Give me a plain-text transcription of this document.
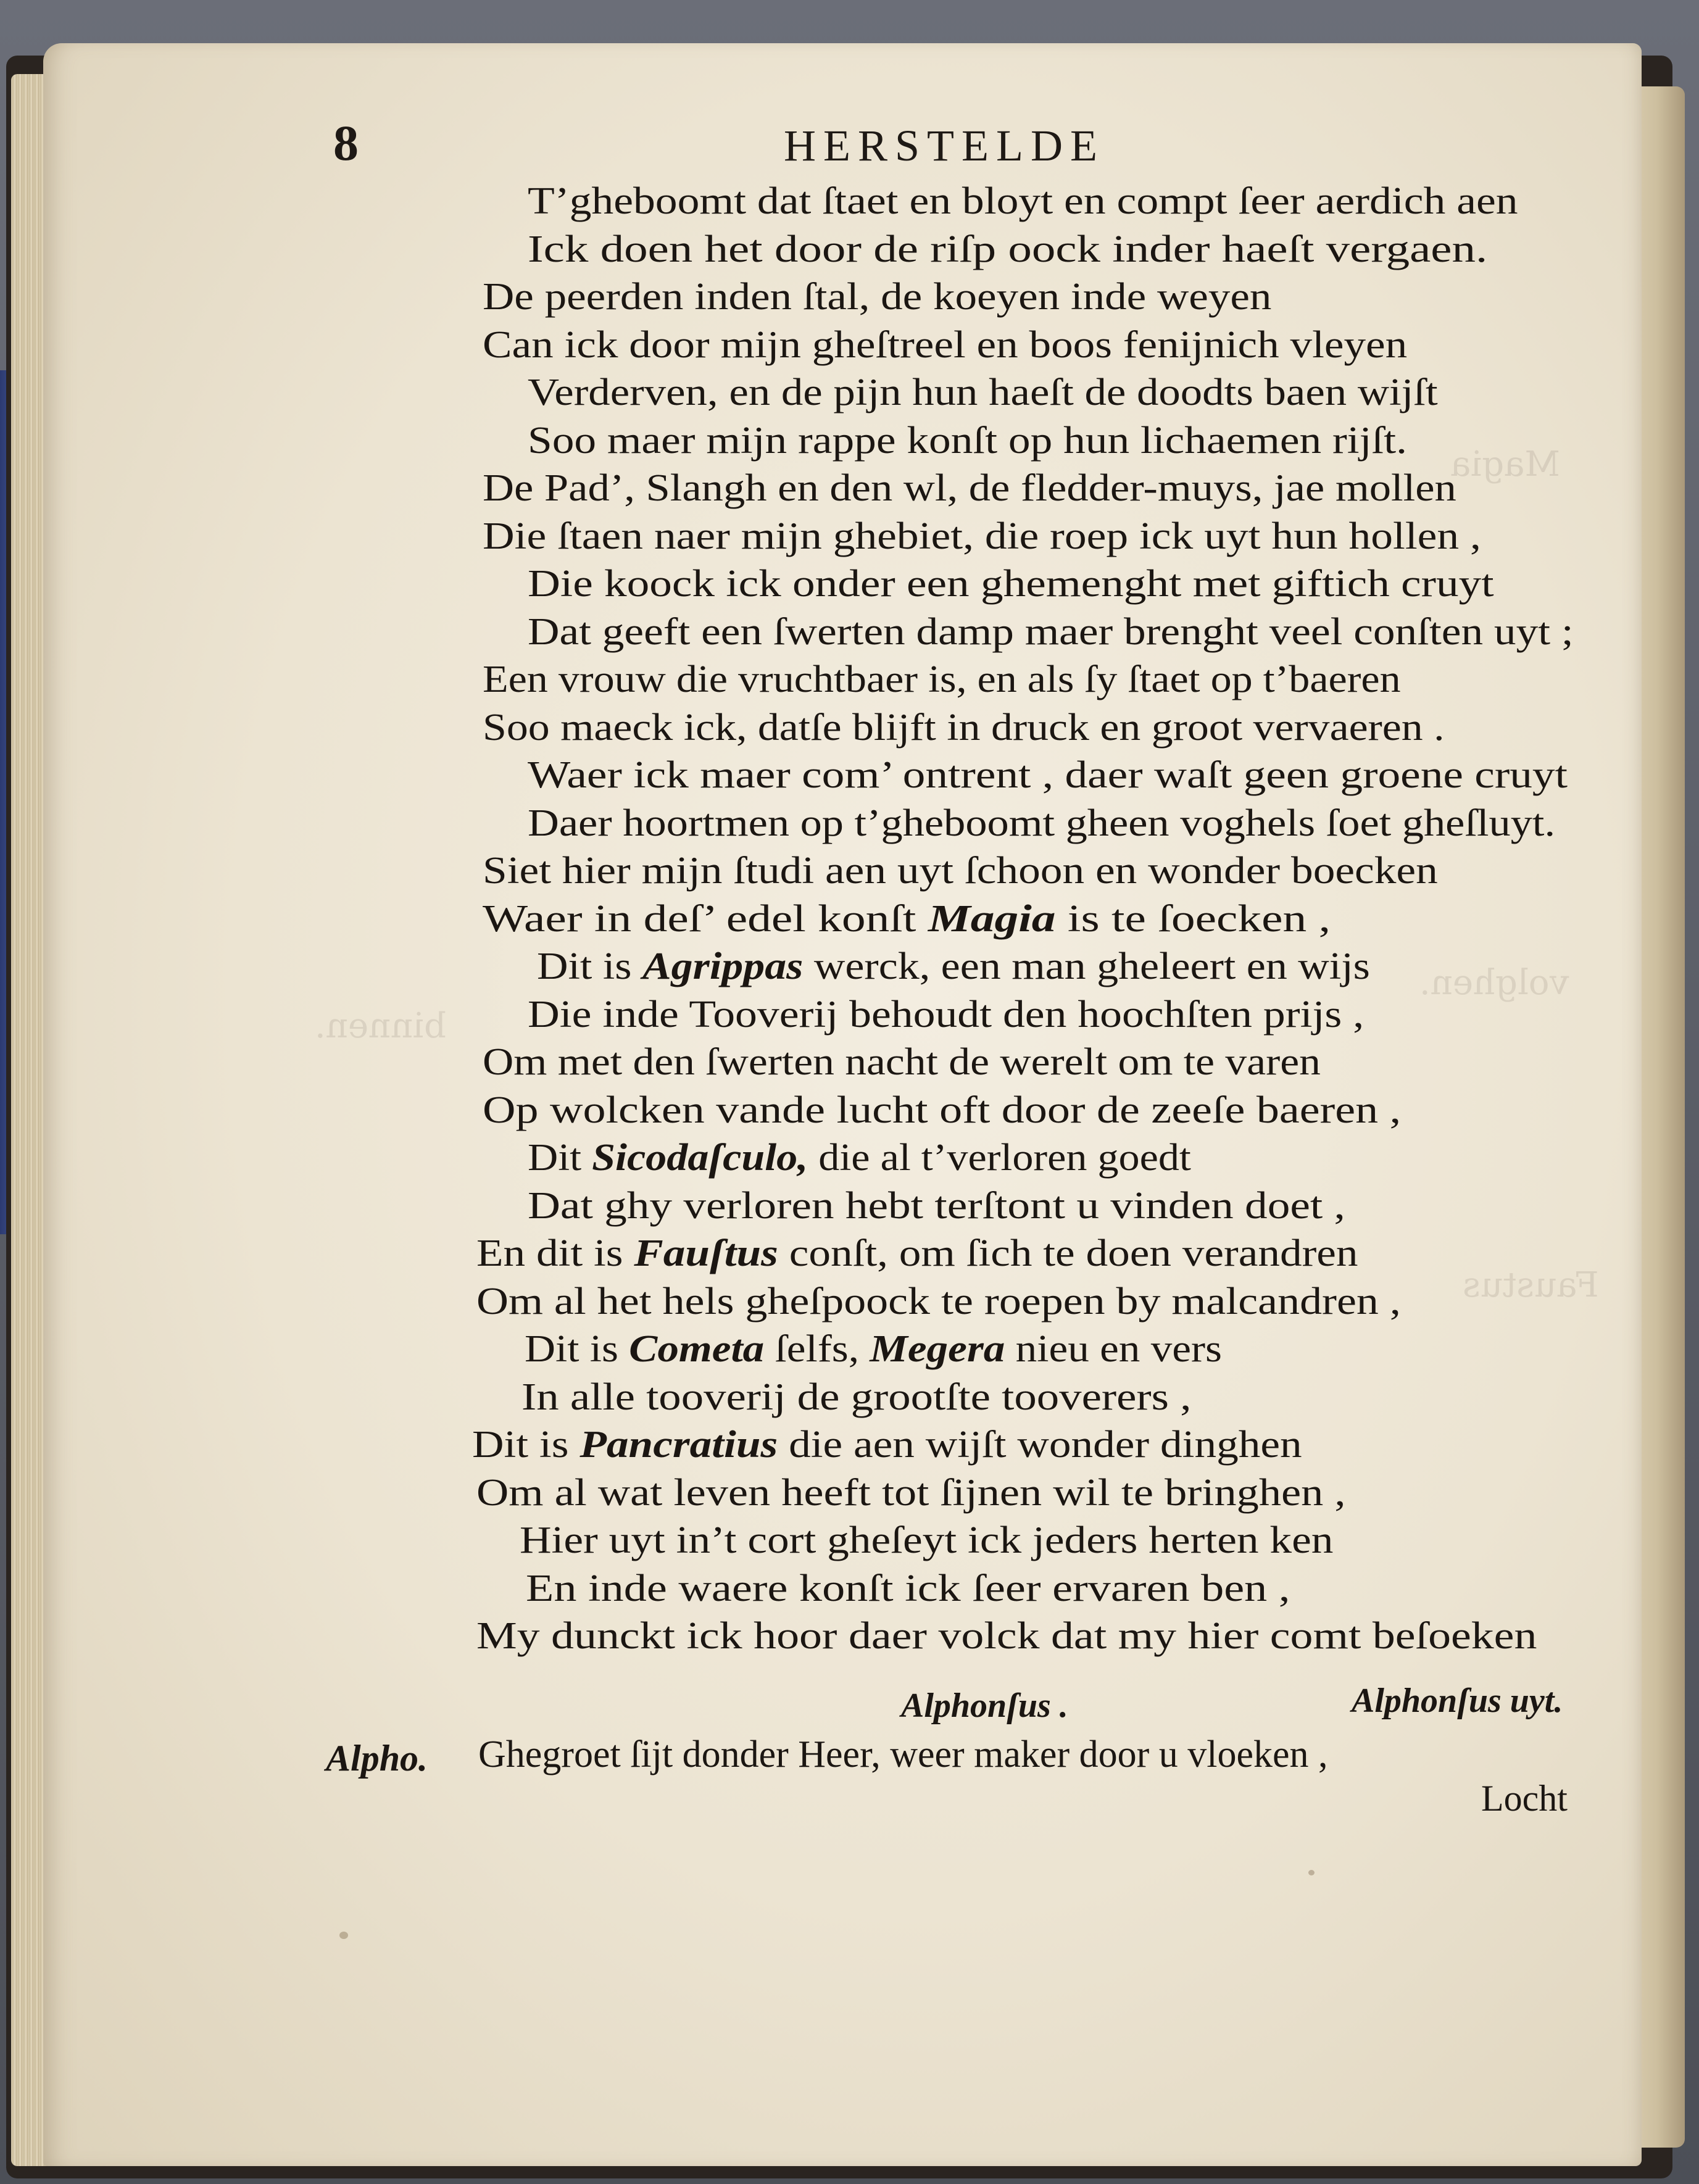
Magia
Faustus
volghen.
binnen.
8	HERSTELDE
T’gheboomt dat ſtaet en bloyt en compt ſeer aerdich aen
Ick doen het door de riſp oock inder haeſt vergaen.
De peerden inden ſtal, de koeyen inde weyen
Can ick door mijn gheſtreel en boos fenijnich vleyen
Verderven, en de pijn hun haeſt de doodts baen wijſt
Soo maer mijn rappe konſt op hun lichaemen rijſt.
De Pad’, Slangh en den wl, de fledder-muys, jae mollen
Die ſtaen naer mijn ghebiet, die roep ick uyt hun hollen ,
Die koock ick onder een ghemenght met giftich cruyt
Dat geeft een ſwerten damp maer brenght veel conſten uyt ;
Een vrouw die vruchtbaer is, en als ſy ſtaet op t’baeren
Soo maeck ick, datſe blijft in druck en groot vervaeren .
Waer ick maer com’ ontrent , daer waſt geen groene cruyt
Daer hoortmen op t’gheboomt gheen voghels ſoet gheſluyt.
Siet hier mijn ſtudi aen uyt ſchoon en wonder boecken
Waer in deſ’ edel konſt Magia is te ſoecken ,
Dit is Agrippas werck, een man gheleert en wijs
Die inde Tooverij behoudt den hoochſten prijs ,
Om met den ſwerten nacht de werelt om te varen
Op wolcken vande lucht oft door de zeeſe baeren ,
Dit Sicodaſculo, die al t’verloren goedt
Dat ghy verloren hebt terſtont u vinden doet ,
En dit is Fauſtus conſt, om ſich te doen verandren
Om al het hels gheſpoock te roepen by malcandren ,
Dit is Cometa ſelfs, Megera nieu en vers
In alle tooverij de grootſte tooverers ,
Dit is Pancratius die aen wijſt wonder dinghen
Om al wat leven heeft tot ſijnen wil te bringhen ,
Hier uyt in’t cort gheſeyt ick jeders herten ken
En inde waere konſt ick ſeer ervaren ben ,
My dunckt ick hoor daer volck dat my hier comt beſoeken
Alphonſus .	Alphonſus uyt.
Alpho. Ghegroet ſijt donder Heer, weer maker door u vloeken ,
Locht
